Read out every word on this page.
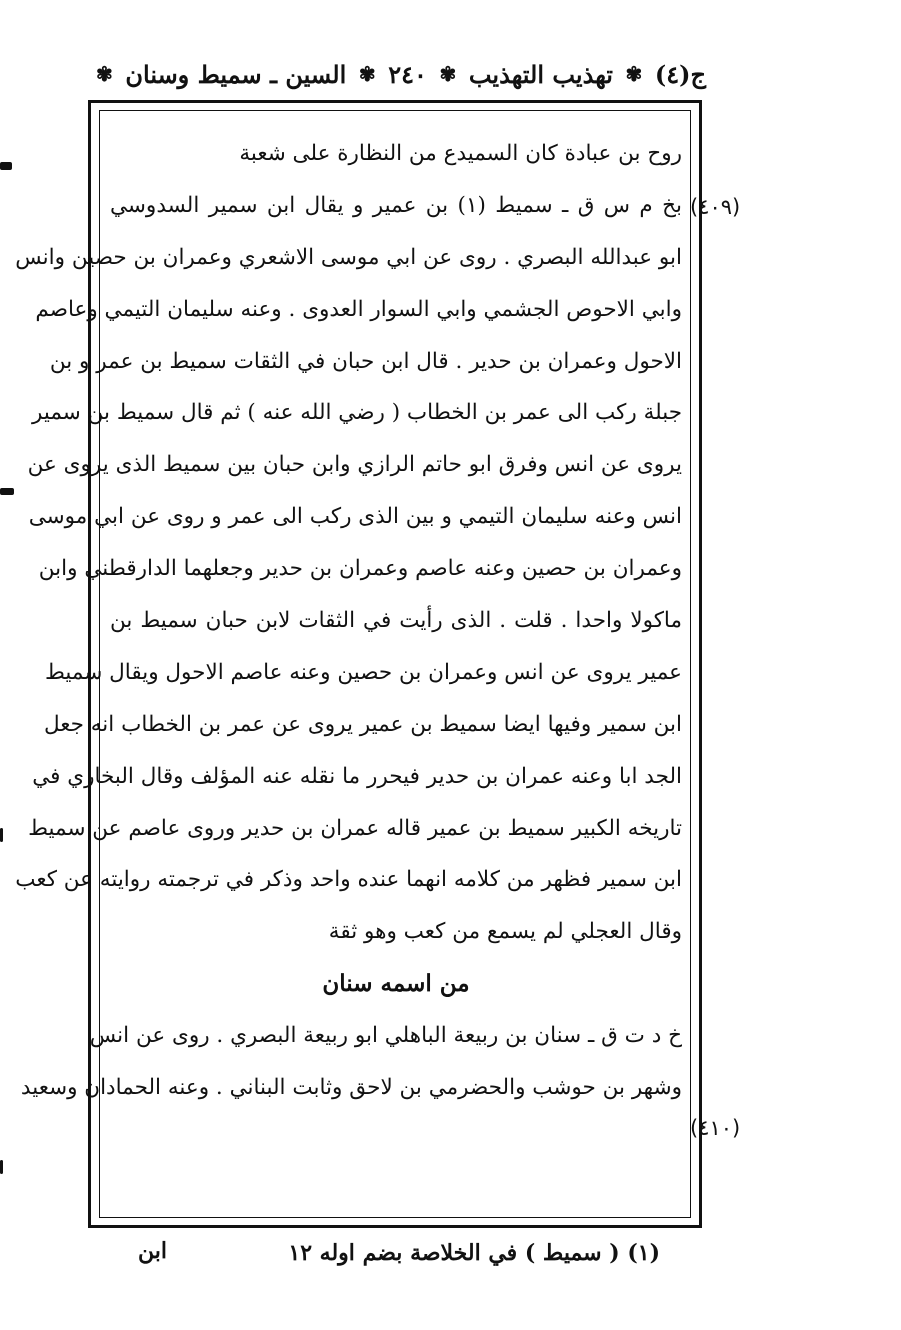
ج(٤)
✾
تهذيب التهذيب
✾
٢٤٠
✾
السين ـ سميط وسنان
✾
(٤٠٩)
(٤١٠)
روح بن عبادة كان السميدع من النظارة على شعبة
بخ م س ق ـ سميط (١) بن عمير و يقال ابن سمير السدوسي
ابو عبدالله البصري . روى عن ابي موسى الاشعري وعمران بن حصين وانس
وابي الاحوص الجشمي وابي السوار العدوى . وعنه سليمان التيمي وعاصم
الاحول وعمران بن حدير . قال ابن حبان في الثقات سميط بن عمر و بن
جبلة ركب الى عمر بن الخطاب ( رضي الله عنه ) ثم قال سميط بن سمير
يروى عن انس وفرق ابو حاتم الرازي وابن حبان بين سميط الذى يروى عن
انس وعنه سليمان التيمي و بين الذى ركب الى عمر و روى عن ابي موسى
وعمران بن حصين وعنه عاصم وعمران بن حدير وجعلهما الدارقطني وابن
ماكولا واحدا . قلت . الذى رأيت في الثقات لابن حبان سميط بن
عمير يروى عن انس وعمران بن حصين وعنه عاصم الاحول ويقال سميط
ابن سمير وفيها ايضا سميط بن عمير يروى عن عمر بن الخطاب انه جعل
الجد ابا وعنه عمران بن حدير فيحرر ما نقله عنه المؤلف وقال البخاري في
تاريخه الكبير سميط بن عمير قاله عمران بن حدير وروى عاصم عن سميط
ابن سمير فظهر من كلامه انهما عنده واحد وذكر في ترجمته روايته عن كعب
وقال العجلي لم يسمع من كعب وهو ثقة
من اسمه سنان
خ د ت ق ـ سنان بن ربيعة الباهلي ابو ربيعة البصري . روى عن انس
وشهر بن حوشب والحضرمي بن لاحق وثابت البناني . وعنه الحمادان وسعيد
(١) ( سميط ) في الخلاصة بضم اوله ١٢
ابن
